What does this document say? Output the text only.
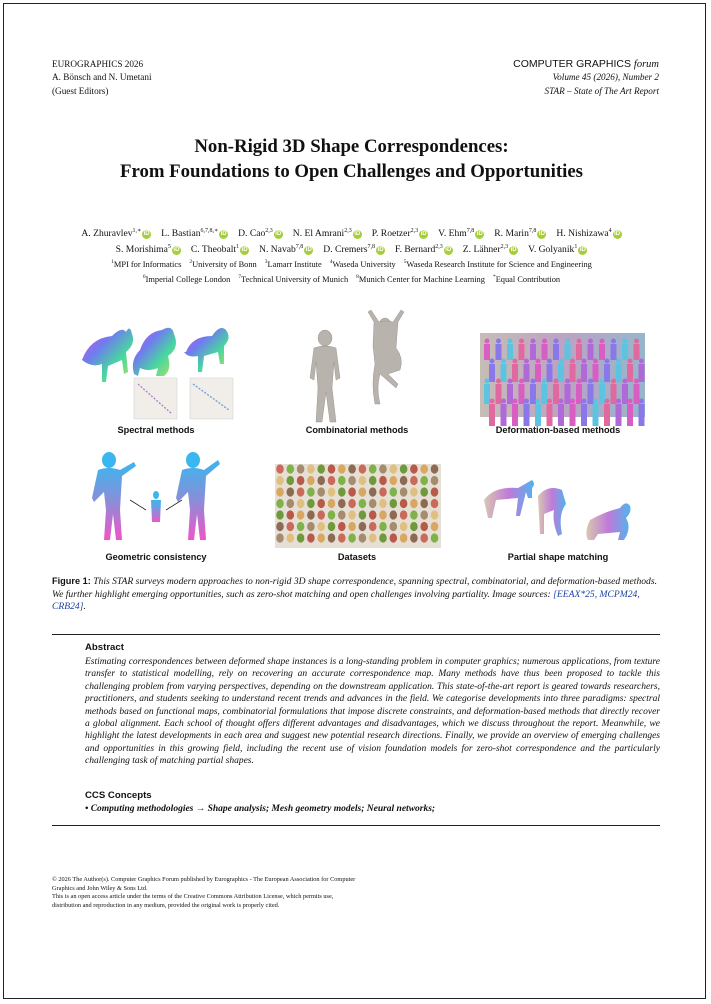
EUROGRAPHICS 2026
A. Bönsch and N. Umetani
(Guest Editors)
COMPUTER GRAPHICS forum
Volume 45 (2026), Number 2
STAR – State of The Art Report
Non-Rigid 3D Shape Correspondences:
From Foundations to Open Challenges and Opportunities
A. Zhuravlev$^{1,∗}$iD L. Bastian$^{6,7,8,∗}$iD D. Cao$^{2,3}$iD N. El Amrani$^{2,3}$iD P. Roetzer$^{2,3}$iD V. Ehm$^{7,8}$iD R. Marin$^{7,8}$iD H. Nishizawa$^4$iD
S. Morishima$^5$iD C. Theobalt$^1$iD N. Navab$^{7,8}$iD D. Cremers$^{7,8}$iD F. Bernard$^{2,3}$iD Z. Lähner$^{2,3}$iD V. Golyanik$^1$iD
$^1$MPI for Informatics $^2$University of Bonn $^3$Lamarr Institute $^4$Waseda University $^5$Waseda Research Institute for Science and Engineering
$^6$Imperial College London $^7$Technical University of Munich $^8$Munich Center for Machine Learning *Equal Contribution
Spectral methods	Combinatorial methods	Deformation-based methods
Geometric consistency	Datasets	Partial shape matching
Figure 1: This STAR surveys modern approaches to non-rigid 3D shape correspondence, spanning spectral, combinatorial, and deformation-based methods. We further highlight emerging opportunities, such as zero-shot matching and open challenges involving partiality. Image sources: [EEAX*25, MCPM24, CRB24].
Abstract
Estimating correspondences between deformed shape instances is a long-standing problem in computer graphics; numerous applications, from texture transfer to statistical modelling, rely on recovering an accurate correspondence map. Many methods have thus been proposed to tackle this challenging problem from varying perspectives, depending on the downstream application. This state-of-the-art report is geared towards researchers, practitioners, and students seeking to understand recent trends and advances in the field. We categorise developments into three paradigms: spectral methods based on functional maps, combinatorial formulations that impose discrete constraints, and deformation-based methods that directly recover a global alignment. Each school of thought offers different advantages and disadvantages, which we discuss throughout the report. Meanwhile, we highlight the latest developments in each area and suggest new potential research directions. Finally, we provide an overview of emerging challenges and opportunities in this growing field, including the recent use of vision foundation models for zero-shot correspondence and the particularly challenging task of matching partial shapes.
CCS Concepts
• Computing methodologies → Shape analysis; Mesh geometry models; Neural networks;
© 2026 The Author(s). Computer Graphics Forum published by Eurographics - The European Association for Computer Graphics and John Wiley & Sons Ltd.
This is an open access article under the terms of the Creative Commons Attribution License, which permits use, distribution and reproduction in any medium, provided the original work is properly cited.
